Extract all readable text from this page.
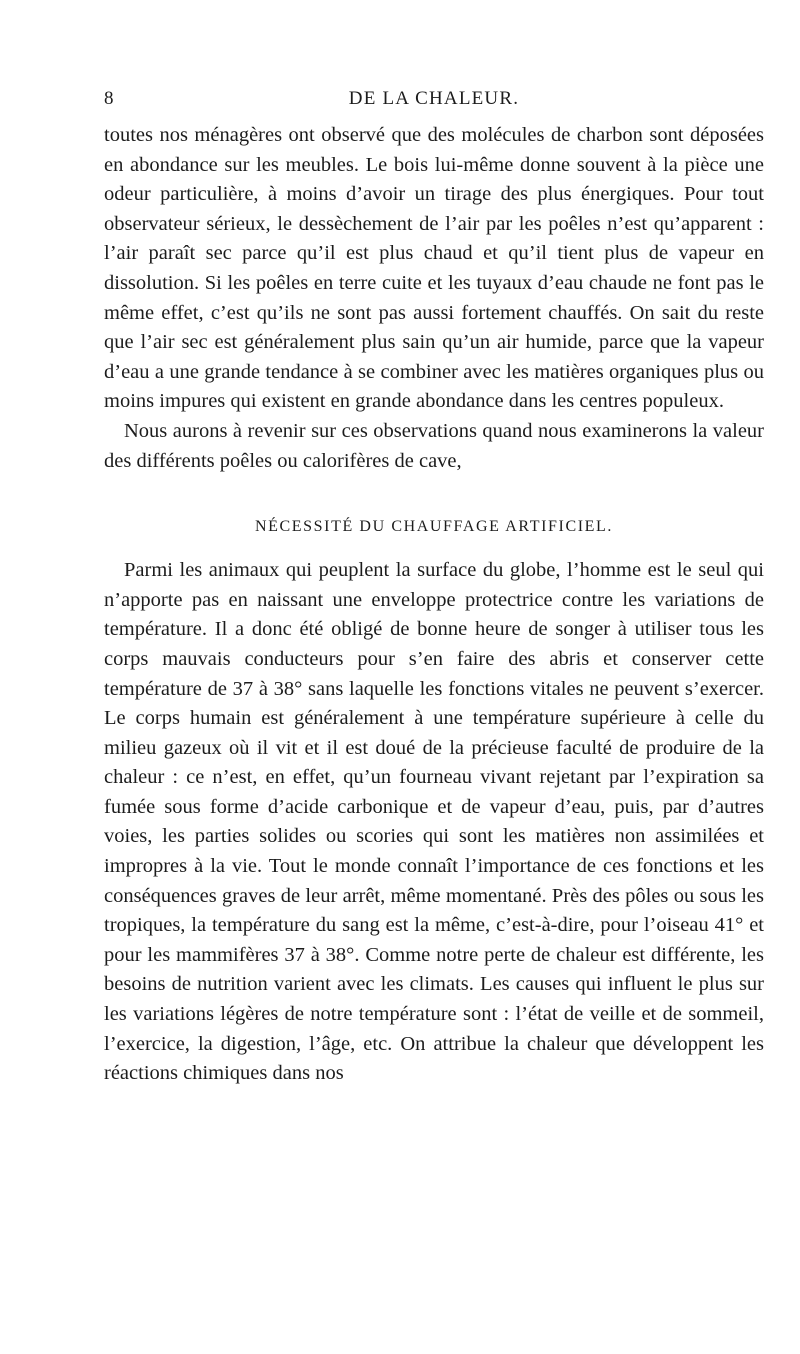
8	DE LA CHALEUR.

toutes nos ménagères ont observé que des molécules de charbon sont déposées en abondance sur les meubles. Le bois lui-même donne souvent à la pièce une odeur particulière, à moins d’avoir un tirage des plus énergiques. Pour tout observateur sérieux, le dessèchement de l’air par les poêles n’est qu’apparent : l’air paraît sec parce qu’il est plus chaud et qu’il tient plus de vapeur en dissolution. Si les poêles en terre cuite et les tuyaux d’eau chaude ne font pas le même effet, c’est qu’ils ne sont pas aussi fortement chauffés. On sait du reste que l’air sec est généralement plus sain qu’un air humide, parce que la vapeur d’eau a une grande tendance à se combiner avec les matières organiques plus ou moins impures qui existent en grande abondance dans les centres populeux.

Nous aurons à revenir sur ces observations quand nous examinerons la valeur des différents poêles ou calorifères de cave,

NÉCESSITÉ DU CHAUFFAGE ARTIFICIEL.

Parmi les animaux qui peuplent la surface du globe, l’homme est le seul qui n’apporte pas en naissant une enveloppe protectrice contre les variations de température. Il a donc été obligé de bonne heure de songer à utiliser tous les corps mauvais conducteurs pour s’en faire des abris et conserver cette température de 37 à 38° sans laquelle les fonctions vitales ne peuvent s’exercer. Le corps humain est généralement à une température supérieure à celle du milieu gazeux où il vit et il est doué de la précieuse faculté de produire de la chaleur : ce n’est, en effet, qu’un fourneau vivant rejetant par l’expiration sa fumée sous forme d’acide carbonique et de vapeur d’eau, puis, par d’autres voies, les parties solides ou scories qui sont les matières non assimilées et impropres à la vie. Tout le monde connaît l’importance de ces fonctions et les conséquences graves de leur arrêt, même momentané. Près des pôles ou sous les tropiques, la température du sang est la même, c’est-à-dire, pour l’oiseau 41° et pour les mammifères 37 à 38°. Comme notre perte de chaleur est différente, les besoins de nutrition varient avec les climats. Les causes qui influent le plus sur les variations légères de notre température sont : l’état de veille et de sommeil, l’exercice, la digestion, l’âge, etc. On attribue la chaleur que développent les réactions chimiques dans nos
